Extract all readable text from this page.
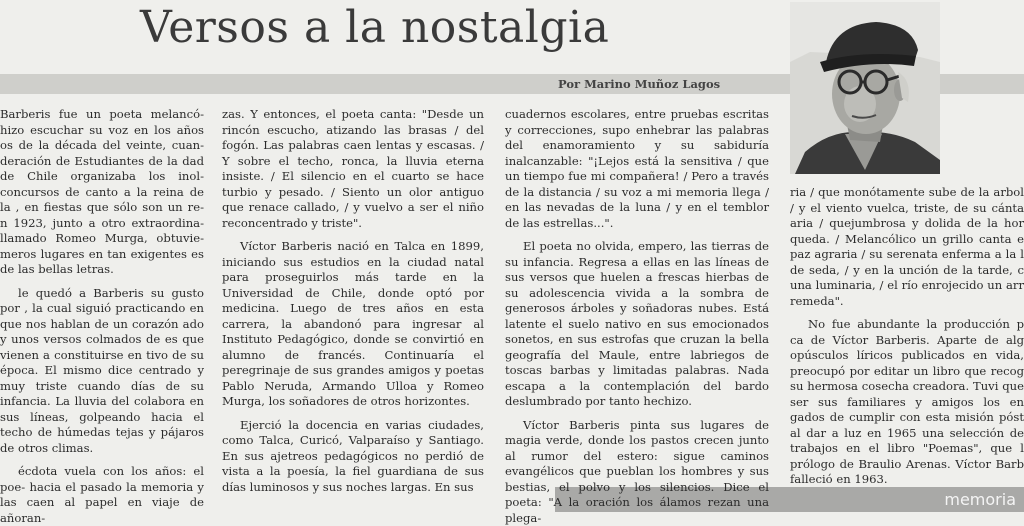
Versos a la nostalgia
Por Marino Muñoz Lagos

Barberis fue un poeta melancó- hizo escuchar su voz en los años os de la década del veinte, cuan- deración de Estudiantes de la dad de Chile organizaba los inol- concursos de canto a la reina de la , en fiestas que sólo son un re- n 1923, junto a otro extraordina- llamado Romeo Murga, obtuvie- meros lugares en tan exigentes es de las bellas letras.

le quedó a Barberis su gusto por , la cual siguió practicando en que nos hablan de un corazón ado y unos versos colmados de es que vienen a constituirse en tivo de su época. El mismo dice centrado y muy triste cuando días de su infancia. La lluvia del colabora en sus líneas, golpeando hacia el techo de húmedas tejas y pájaros de otros climas.

écdota vuela con los años: el poe- hacia el pasado la memoria y las caen al papel en viaje de añoran-

zas. Y entonces, el poeta canta: "Desde un rincón escucho, atizando las brasas / del fogón. Las palabras caen lentas y escasas. / Y sobre el techo, ronca, la lluvia eterna insiste. / El silencio en el cuarto se hace turbio y pesado. / Siento un olor antiguo que renace callado, / y vuelvo a ser el niño reconcentrado y triste".

Víctor Barberis nació en Talca en 1899, iniciando sus estudios en la ciudad natal para proseguirlos más tarde en la Universidad de Chile, donde optó por medicina. Luego de tres años en esta carrera, la abandonó para ingresar al Instituto Pedagógico, donde se convirtió en alumno de francés. Continuaría el peregrinaje de sus grandes amigos y poetas Pablo Neruda, Armando Ulloa y Romeo Murga, los soñadores de otros horizontes.

Ejerció la docencia en varias ciudades, como Talca, Curicó, Valparaíso y Santiago. En sus ajetreos pedagógicos no perdió de vista a la poesía, la fiel guardiana de sus días luminosos y sus noches largas. En sus

cuadernos escolares, entre pruebas escritas y correcciones, supo enhebrar las palabras del enamoramiento y su sabiduría inalcanzable: "¡Lejos está la sensitiva / que un tiempo fue mi compañera! / Pero a través de la distancia / su voz a mi memoria llega / en las nevadas de la luna / y en el temblor de las estrellas...".

El poeta no olvida, empero, las tierras de su infancia. Regresa a ellas en las líneas de sus versos que huelen a frescas hierbas de su adolescencia vivida a la sombra de generosos árboles y soñadoras nubes. Está latente el suelo nativo en sus emocionados sonetos, en sus estrofas que cruzan la bella geografía del Maule, entre labriegos de toscas barbas y limitadas palabras. Nada escapa a la contemplación del bardo deslumbrado por tanto hechizo.

Víctor Barberis pinta sus lugares de magia verde, donde los pastos crecen junto al rumor del estero: sigue caminos evangélicos que pueblan los hombres y sus bestias, el polvo y los silencios. Dice el poeta: "A la oración los álamos rezan una plega-

ria / que monótamente sube de la arbol / y el viento vuelca, triste, de su cánta aria / quejumbrosa y dolida de la hor queda. / Melancólico un grillo canta e paz agraria / su serenata enferma a la l de seda, / y en la unción de la tarde, c una luminaria, / el río enrojecido un arr remeda".

No fue abundante la producción p ca de Víctor Barberis. Aparte de alg opúsculos líricos publicados en vida, preocupó por editar un libro que recog su hermosa cosecha creadora. Tuvi que ser sus familiares y amigos los en gados de cumplir con esta misión póst al dar a luz en 1965 una selección de trabajos en el libro "Poemas", que l prólogo de Braulio Arenas. Víctor Barb falleció en 1963.

memoria
